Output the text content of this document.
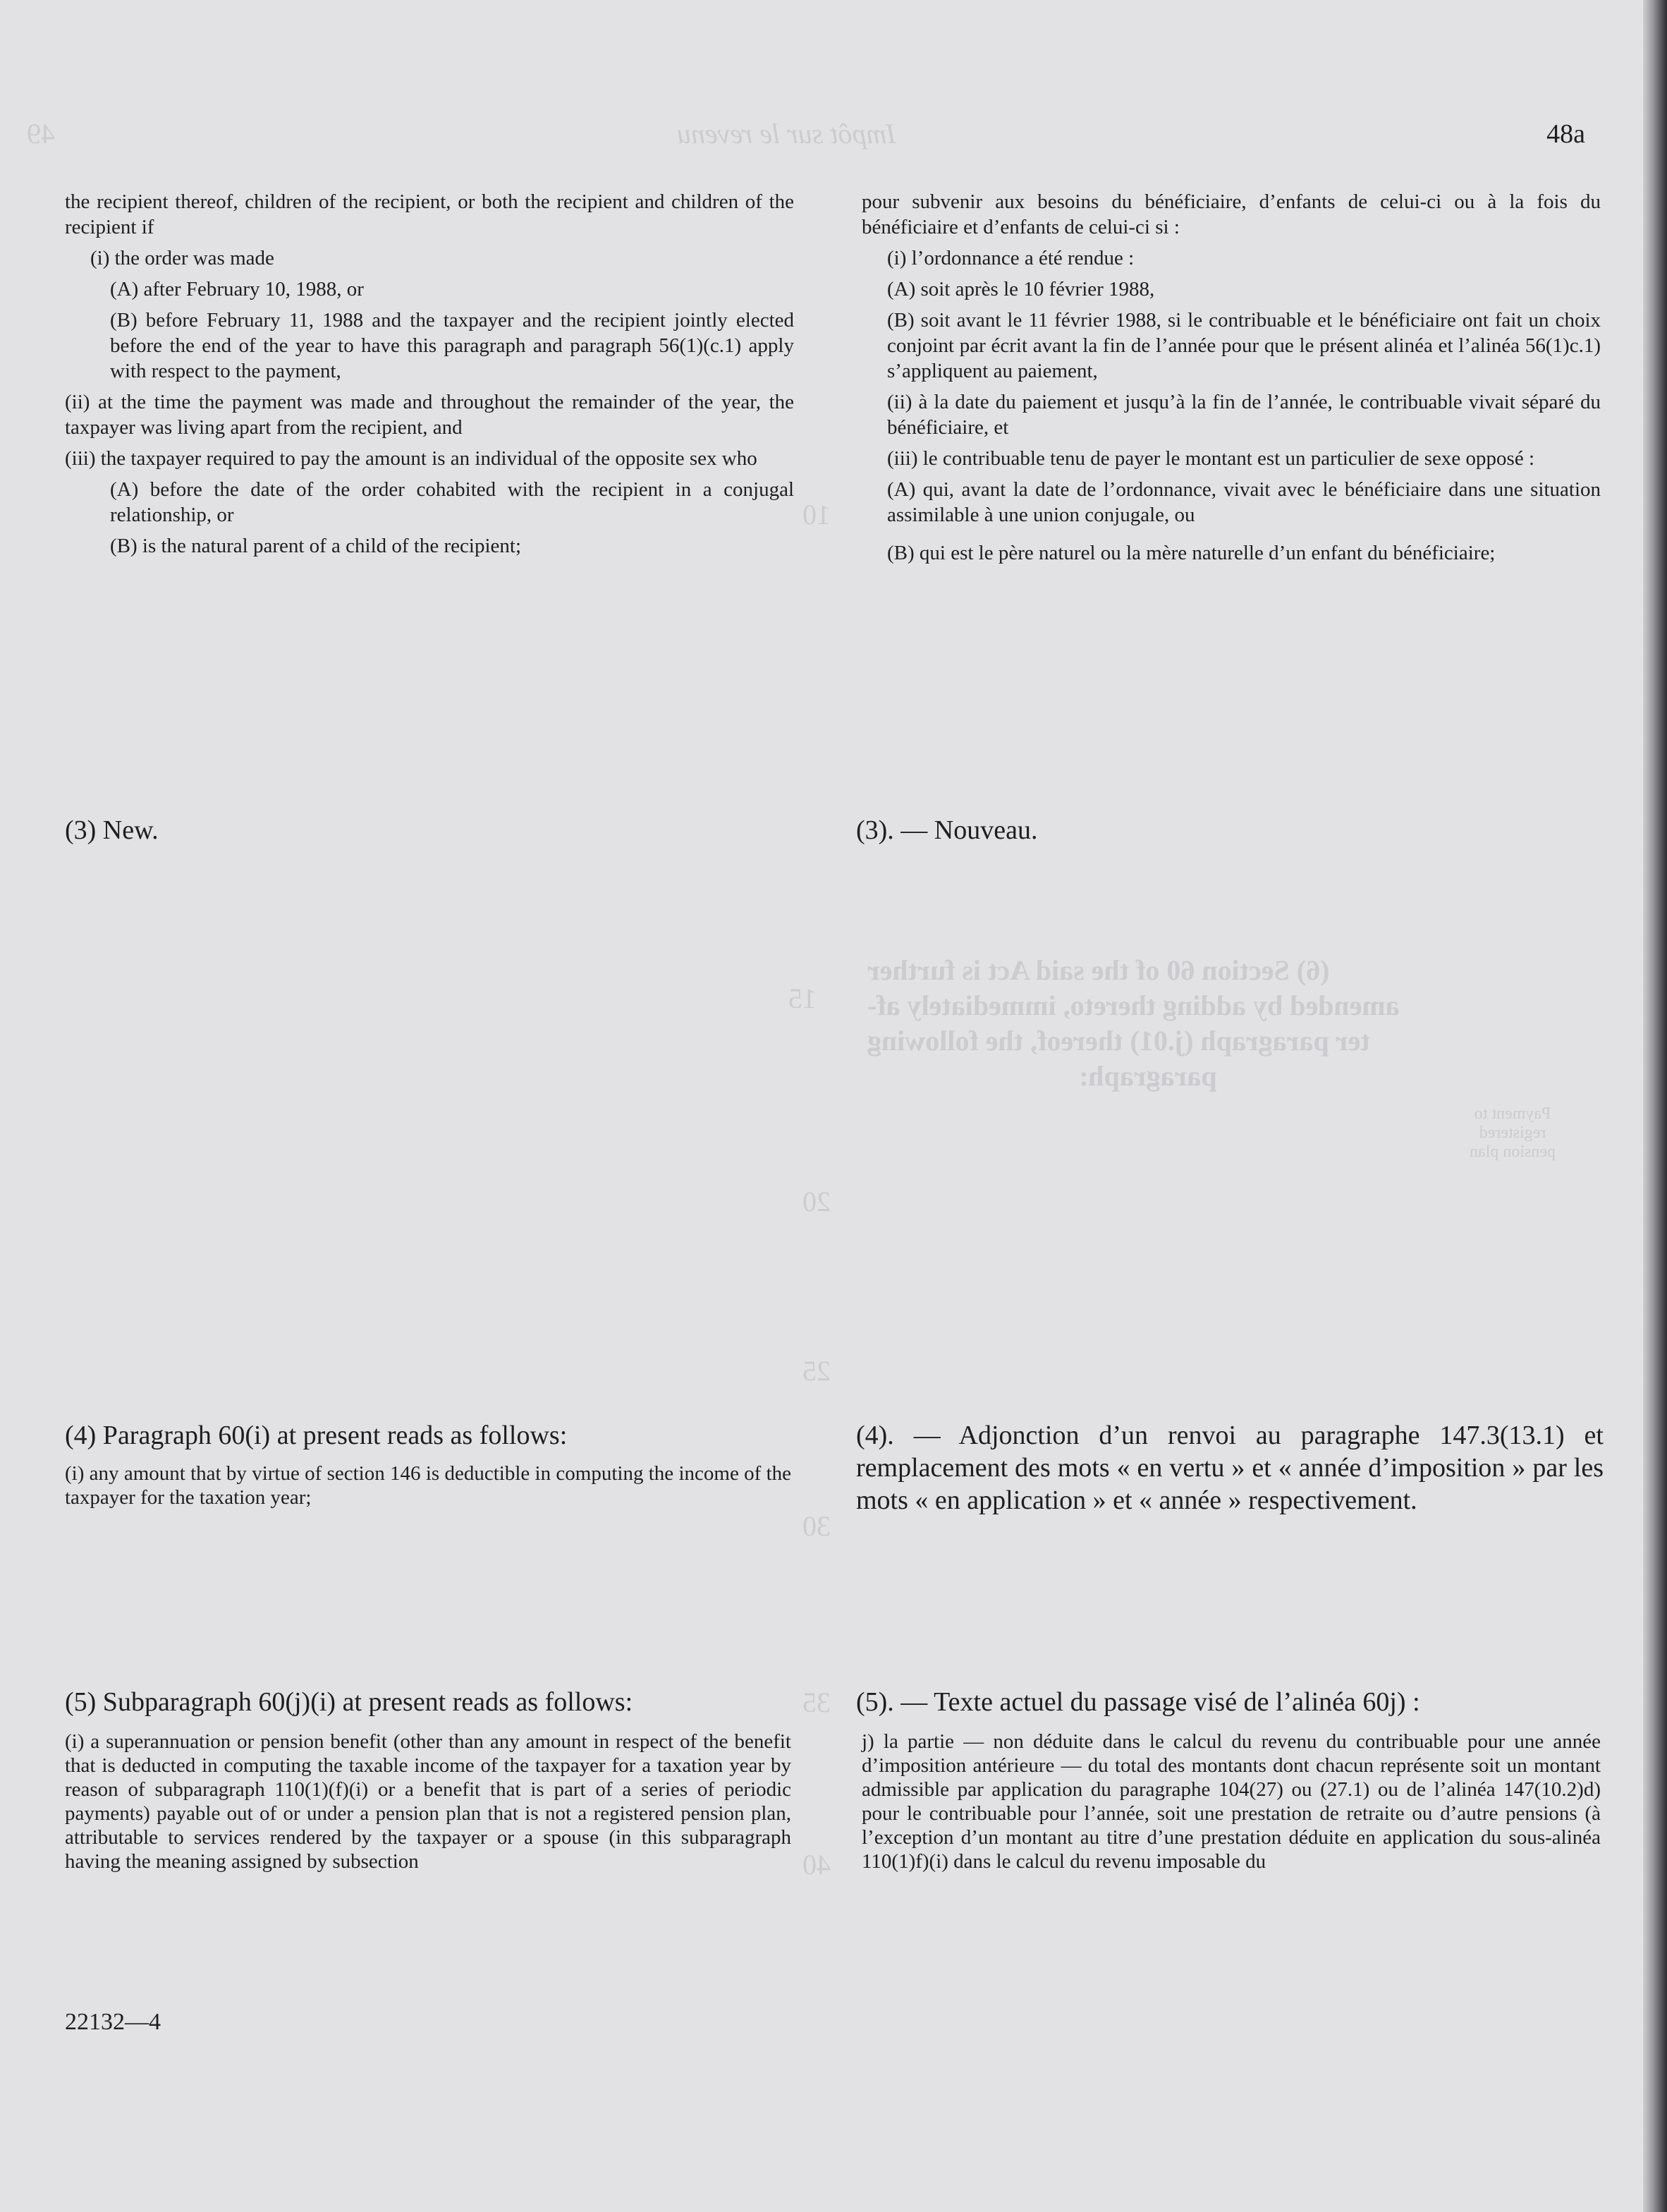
Impôt sur le revenu
49
10
15
20
25
30
35
40
Payment to registered pension plan
(6) Section 60 of the said Act is further
amended by adding thereto, immediately af-
ter paragraph (j.01) thereof, the following
paragraph:
48a

the recipient thereof, children of the recipient, or both the recipient and children of the recipient if

(i) the order was made

(A) after February 10, 1988, or

(B) before February 11, 1988 and the taxpayer and the recipient jointly elected before the end of the year to have this paragraph and paragraph 56(1)(c.1) apply with respect to the payment,

(ii) at the time the payment was made and throughout the remainder of the year, the taxpayer was living apart from the recipient, and

(iii) the taxpayer required to pay the amount is an individual of the opposite sex who

(A) before the date of the order cohabited with the recipient in a conjugal relationship, or

(B) is the natural parent of a child of the recipient;

(3) New.
(4) Paragraph 60(i) at present reads as follows:
(i) any amount that by virtue of section 146 is deductible in computing the income of the taxpayer for the taxation year;
(5) Subparagraph 60(j)(i) at present reads as follows:
(i) a superannuation or pension benefit (other than any amount in respect of the benefit that is deducted in computing the taxable income of the taxpayer for a taxation year by reason of subparagraph 110(1)(f)(i) or a benefit that is part of a series of periodic payments) payable out of or under a pension plan that is not a registered pension plan, attributable to services rendered by the taxpayer or a spouse (in this subparagraph having the meaning assigned by subsection

pour subvenir aux besoins du bénéficiaire, d’enfants de celui-ci ou à la fois du bénéficiaire et d’enfants de celui-ci si :

(i) l’ordonnance a été rendue :

(A) soit après le 10 février 1988,

(B) soit avant le 11 février 1988, si le contribuable et le bénéficiaire ont fait un choix conjoint par écrit avant la fin de l’année pour que le présent alinéa et l’alinéa 56(1)c.1) s’appliquent au paiement,

(ii) à la date du paiement et jusqu’à la fin de l’année, le contribuable vivait séparé du bénéficiaire, et

(iii) le contribuable tenu de payer le montant est un particulier de sexe opposé :

(A) qui, avant la date de l’ordonnance, vivait avec le bénéficiaire dans une situation assimilable à une union conjugale, ou

(B) qui est le père naturel ou la mère naturelle d’un enfant du bénéficiaire;

(3). — Nouveau.
(4). — Adjonction d’un renvoi au paragraphe 147.3(13.1) et remplacement des mots « en vertu » et « année d’imposition » par les mots « en application » et « année » respectivement.
(5). — Texte actuel du passage visé de l’alinéa 60j) :
j) la partie — non déduite dans le calcul du revenu du contribuable pour une année d’imposition antérieure — du total des montants dont chacun représente soit un montant admissible par application du paragraphe 104(27) ou (27.1) ou de l’alinéa 147(10.2)d) pour le contribuable pour l’année, soit une prestation de retraite ou d’autre pensions (à l’exception d’un montant au titre d’une prestation déduite en application du sous-alinéa 110(1)f)(i) dans le calcul du revenu imposable du
22132—4
